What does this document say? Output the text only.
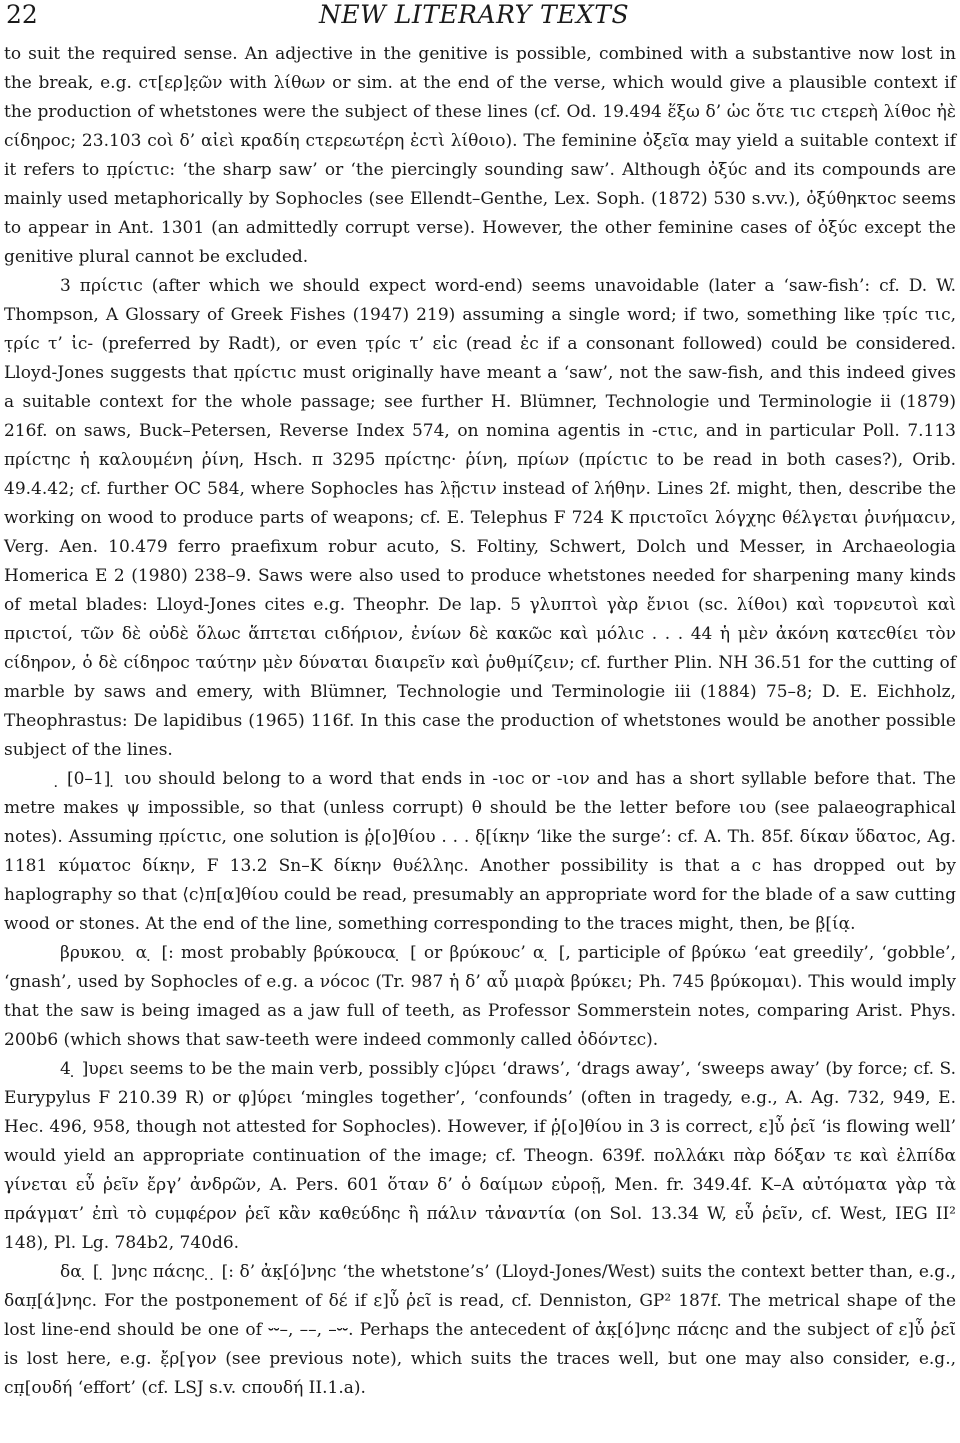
22	NEW LITERARY TEXTS

to suit the required sense. An adjective in the genitive is possible, combined with a substantive now lost in the break, e.g. ϲτ[ερ]ε̣ῶν with λίθων or sim. at the end of the verse, which would give a plausible context if the production of whetstones were the subject of these lines (cf. Od. 19.494 ἕξω δ’ ὡϲ ὅτε τιϲ ϲτερεὴ λίθοϲ ἠὲ ϲίδηροϲ; 23.103 ϲοὶ δ’ αἰεὶ κραδίη ϲτερεωτέρη ἐϲτὶ λίθοιο). The feminine ὀξεῖα may yield a suitable context if it refers to π̣ρίϲτιϲ: ‘the sharp saw’ or ‘the piercingly sounding saw’. Although ὀξύϲ and its compounds are mainly used metaphorically by Sophocles (see Ellendt–Genthe, Lex. Soph. (1872) 530 s.vv.), ὀξύθηκτοϲ seems to appear in Ant. 1301 (an admittedly corrupt verse). However, the other feminine cases of ὀξύϲ except the genitive plural cannot be excluded.

3 πρίϲτιϲ (after which we should expect word-end) seems unavoidable (later a ‘saw-fish’: cf. D. W. Thompson, A Glossary of Greek Fishes (1947) 219) assuming a single word; if two, something like τ̣ρίϲ τιϲ, τ̣ρίϲ τ’ ἰϲ- (preferred by Radt), or even τ̣ρίϲ τ’ εἰϲ (read ἐϲ if a consonant followed) could be considered. Lloyd-Jones suggests that π̣ρίϲτιϲ must originally have meant a ‘saw’, not the saw-fish, and this indeed gives a suitable context for the whole passage; see further H. Blümner, Technologie und Terminologie ii (1879) 216f. on saws, Buck–Petersen, Reverse Index 574, on nomina agentis in -ϲτιϲ, and in particular Poll. 7.113 πρίϲτηϲ ἡ καλουμένη ῥίνη, Hsch. π 3295 πρίϲτηϲ· ῥίνη, πρίων (πρίϲτιϲ to be read in both cases?), Orib. 49.4.42; cf. further OC 584, where Sophocles has λῇϲτιν instead of λήθην. Lines 2f. might, then, describe the working on wood to produce parts of weapons; cf. E. Telephus F 724 K πριϲτοῖϲι λόγχηϲ θέλγεται ῥινήμαϲιν, Verg. Aen. 10.479 ferro praefixum robur acuto, S. Foltiny, Schwert, Dolch und Messer, in Archaeologia Homerica E 2 (1980) 238–9. Saws were also used to produce whetstones needed for sharpening many kinds of metal blades: Lloyd-Jones cites e.g. Theophr. De lap. 5 γλυπτοὶ γὰρ ἔνιοι (sc. λίθοι) καὶ τορνευτοὶ καὶ πριϲτοί, τῶν δὲ οὐδὲ ὅλωϲ ἅπτεται ϲιδήριον, ἐνίων δὲ κακῶϲ καὶ μόλιϲ . . . 44 ἡ μὲν ἀκόνη κατεϲθίει τὸν ϲίδηρον, ὁ δὲ ϲίδηροϲ ταύτην μὲν δύναται διαιρεῖν καὶ ῥυθμίζειν; cf. further Plin. NH 36.51 for the cutting of marble by saws and emery, with Blümner, Technologie und Terminologie iii (1884) 75–8; D. E. Eichholz, Theophrastus: De lapidibus (1965) 116f. In this case the production of whetstones would be another possible subject of the lines.

̣ [0–1] ̣ ιου should belong to a word that ends in -ιοϲ or -ιον and has a short syllable before that. The metre makes ψ impossible, so that (unless corrupt) θ should be the letter before ιου (see palaeographical notes). Assuming π̣ρίϲτιϲ, one solution is ῥ̣[ο]θίου . . . δ̣[ίκην ‘like the surge’: cf. A. Th. 85f. δίκαν ὕδατοϲ, Ag. 1181 κύματοϲ δίκην, F 13.2 Sn–K δίκην θυέλληϲ. Another possibility is that a ϲ has dropped out by haplography so that ⟨ϲ⟩π[α]θίου could be read, presumably an appropriate word for the blade of a saw cutting wood or stones. At the end of the line, something corresponding to the traces might, then, be β̣[ία̣.

βρυκου ̣ α ̣ [: most probably βρύκουϲα ̣ [ or βρύκουϲ’ α ̣ [, participle of βρύκω ‘eat greedily’, ‘gobble’, ‘gnash’, used by Sophocles of e.g. a νόϲοϲ (Tr. 987 ἡ δ’ αὖ μιαρὰ βρύκει; Ph. 745 βρύκομαι). This would imply that the saw is being imaged as a jaw full of teeth, as Professor Sommerstein notes, comparing Arist. Phys. 200b6 (which shows that saw-teeth were indeed commonly called ὀδόντεϲ).

4 ̣ ]υρει seems to be the main verb, possibly ϲ]ύρει ‘draws’, ‘drags away’, ‘sweeps away’ (by force; cf. S. Eurypylus F 210.39 R) or φ]ύρει ‘mingles together’, ‘confounds’ (often in tragedy, e.g., A. Ag. 732, 949, E. Hec. 496, 958, though not attested for Sophocles). However, if ῥ̣[ο]θίου in 3 is correct, ε]ὖ ῥεῖ ‘is flowing well’ would yield an appropriate continuation of the image; cf. Theogn. 639f. πολλάκι πὰρ δόξαν τε καὶ ἐλπίδα γίνεται εὖ ῥεῖν ἔργ’ ἀνδρῶν, A. Pers. 601 ὅταν δ’ ὁ δαίμων εὐροῇ, Men. fr. 349.4f. K–A αὐτόματα γὰρ τὰ πράγματ’ ἐπὶ τὸ ϲυμφέρον ῥεῖ κἂν καθεύδηϲ ἢ πάλιν τἀναντία (on Sol. 13.34 W, εὖ ῥεῖν, cf. West, IEG II² 148), Pl. Lg. 784b2, 740d6.

δα ̣ [ ̣ ]νηϲ πάϲηϲ ̣ ̣ [: δ’ ἀκ̣[ό]νηϲ ‘the whetstone’s’ (Lloyd-Jones/West) suits the context better than, e.g., δαπ̣[ά]νηϲ. For the postponement of δέ if ε]ὖ ῥεῖ is read, cf. Denniston, GP² 187f. The metrical shape of the lost line-end should be one of ⏑⏑–, ––, –⏑⏑. Perhaps the antecedent of ἀκ̣[ό]νηϲ πάϲηϲ and the subject of ε]ὖ ῥεῖ is lost here, e.g. ἔ̣ρ[γον (see previous note), which suits the traces well, but one may also consider, e.g., ϲπ̣[ουδή ‘effort’ (cf. LSJ s.v. ϲπουδή II.1.a).
